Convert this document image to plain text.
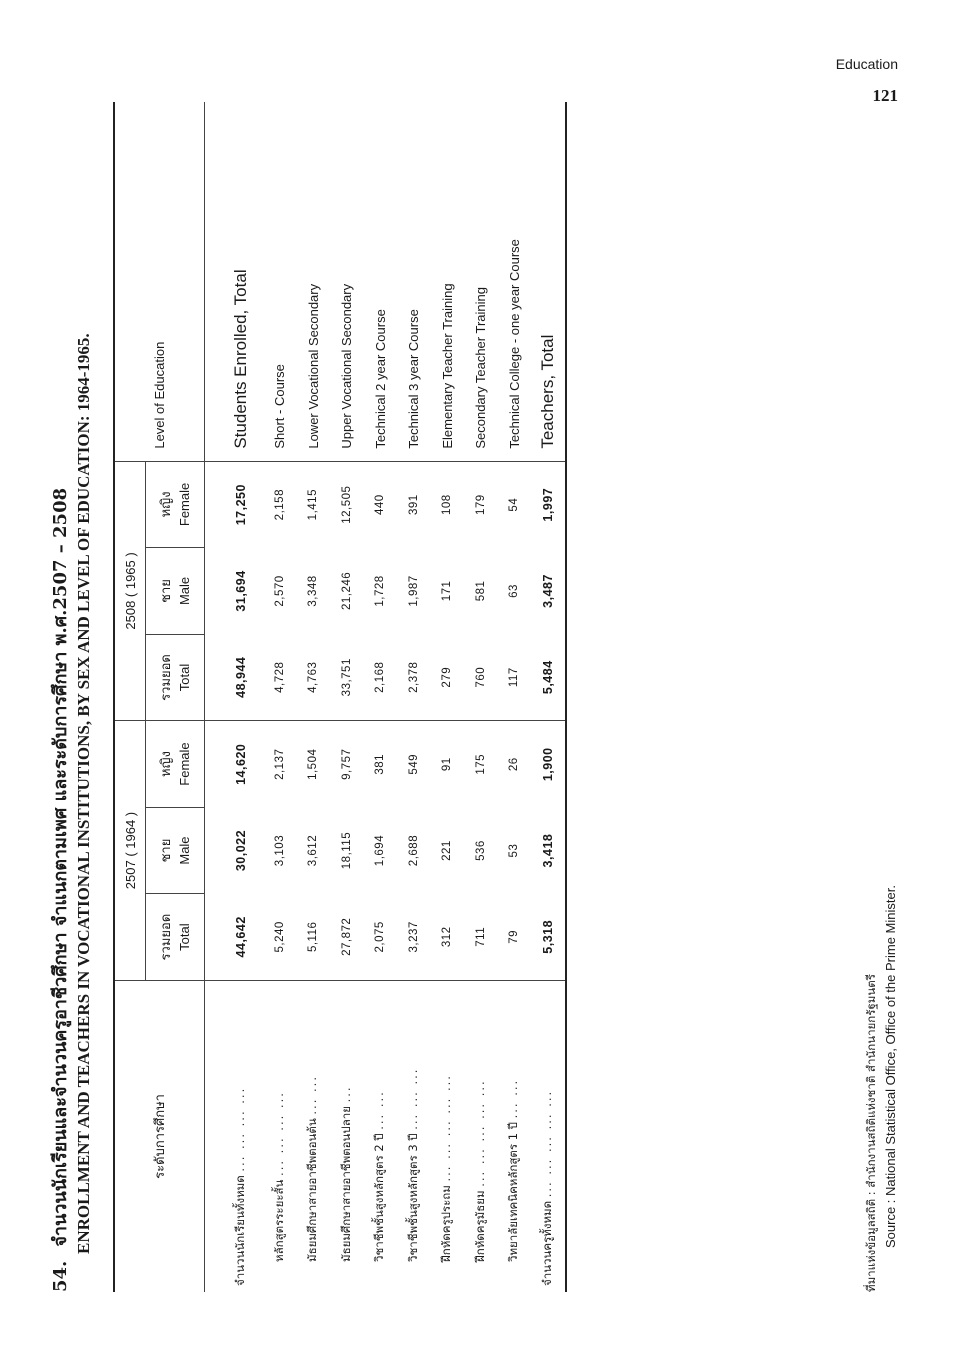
Education
121
54.จำนวนนักเรียนและจำนวนครูอาชีวศึกษา จำแนกตามเพศ และระดับการศึกษา พ.ศ.2507 – 2508 ENROLLMENT AND TEACHERS IN VOCATIONAL INSTITUTIONS, BY SEX AND LEVEL OF EDUCATION: 1964-1965.	ระดับการศึกษา	2507 ( 1964 )			2508 ( 1965 )			Level of Education
	รวมยอด Total	ชาย Male	หญิง Female	รวมยอด Total	ชาย Male	หญิง Female	
จำนวนนักเรียนทั้งหมด ... ... ... ...	44,642	30,022	14,620	48,944	31,694	17,250	Students Enrolled, Total
หลักสูตรระยะสั้น ... ... ... ...	5,240	3,103	2,137	4,728	2,570	2,158	Short - Course
มัธยมศึกษาสายอาชีพตอนต้น ... ...	5,116	3,612	1,504	4,763	3,348	1,415	Lower Vocational Secondary
มัธยมศึกษาสายอาชีพตอนปลาย ...	27,872	18,115	9,757	33,751	21,246	12,505	Upper Vocational Secondary
วิชาชีพชั้นสูงหลักสูตร 2 ปี ... ...	2,075	1,694	381	2,168	1,728	440	Technical 2 year Course
วิชาชีพชั้นสูงหลักสูตร 3 ปี ... ... ...	3,237	2,688	549	2,378	1,987	391	Technical 3 year Course
ฝึกหัดครูประถม ... ... ... ... ...	312	221	91	279	171	108	Elementary Teacher Training
ฝึกหัดครูมัธยม ... ... ... ... ...	711	536	175	760	581	179	Secondary Teacher Training
วิทยาลัยเทคนิคหลักสูตร 1 ปี ... ...	79	53	26	117	63	54	Technical College - one year Course
จำนวนครูทั้งหมด ... ... ... ... ...	5,318	3,418	1,900	5,484	3,487	1,997	Teachers, Total
ที่มาแห่งข้อมูลสถิติ : สำนักงานสถิติแห่งชาติ สำนักนายกรัฐมนตรี Source : National Statistical Office, Office of the Prime Minister.
